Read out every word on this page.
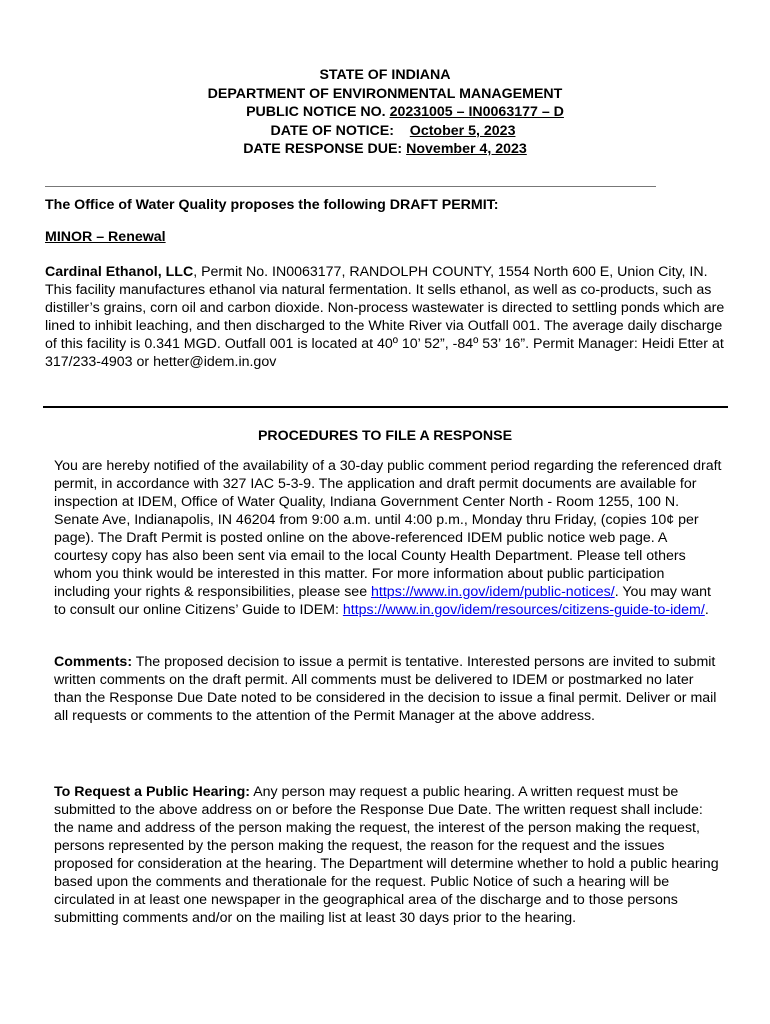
STATE OF INDIANA
DEPARTMENT OF ENVIRONMENTAL MANAGEMENT
PUBLIC NOTICE NO. 20231005 – IN0063177 – D
DATE OF NOTICE: October 5, 2023
DATE RESPONSE DUE: November 4, 2023
The Office of Water Quality proposes the following DRAFT PERMIT:
MINOR – Renewal
Cardinal Ethanol, LLC, Permit No. IN0063177, RANDOLPH COUNTY, 1554 North 600 E, Union City, IN. This facility manufactures ethanol via natural fermentation. It sells ethanol, as well as co-products, such as distiller’s grains, corn oil and carbon dioxide. Non-process wastewater is directed to settling ponds which are lined to inhibit leaching, and then discharged to the White River via Outfall 001. The average daily discharge of this facility is 0.341 MGD. Outfall 001 is located at 40º 10’ 52”, -84º 53’ 16”. Permit Manager: Heidi Etter at 317/233-4903 or hetter@idem.in.gov
PROCEDURES TO FILE A RESPONSE
You are hereby notified of the availability of a 30-day public comment period regarding the referenced draft permit, in accordance with 327 IAC 5-3-9. The application and draft permit documents are available for inspection at IDEM, Office of Water Quality, Indiana Government Center North - Room 1255, 100 N. Senate Ave, Indianapolis, IN 46204 from 9:00 a.m. until 4:00 p.m., Monday thru Friday, (copies 10¢ per page). The Draft Permit is posted online on the above-referenced IDEM public notice web page. A courtesy copy has also been sent via email to the local County Health Department. Please tell others whom you think would be interested in this matter. For more information about public participation including your rights & responsibilities, please see https://www.in.gov/idem/public-notices/. You may want to consult our online Citizens’ Guide to IDEM: https://www.in.gov/idem/resources/citizens-guide-to-idem/.
Comments: The proposed decision to issue a permit is tentative. Interested persons are invited to submit written comments on the draft permit. All comments must be delivered to IDEM or postmarked no later than the Response Due Date noted to be considered in the decision to issue a final permit. Deliver or mail all requests or comments to the attention of the Permit Manager at the above address.
To Request a Public Hearing: Any person may request a public hearing. A written request must be submitted to the above address on or before the Response Due Date. The written request shall include: the name and address of the person making the request, the interest of the person making the request, persons represented by the person making the request, the reason for the request and the issues proposed for consideration at the hearing. The Department will determine whether to hold a public hearing based upon the comments and therationale for the request. Public Notice of such a hearing will be circulated in at least one newspaper in the geographical area of the discharge and to those persons submitting comments and/or on the mailing list at least 30 days prior to the hearing.
